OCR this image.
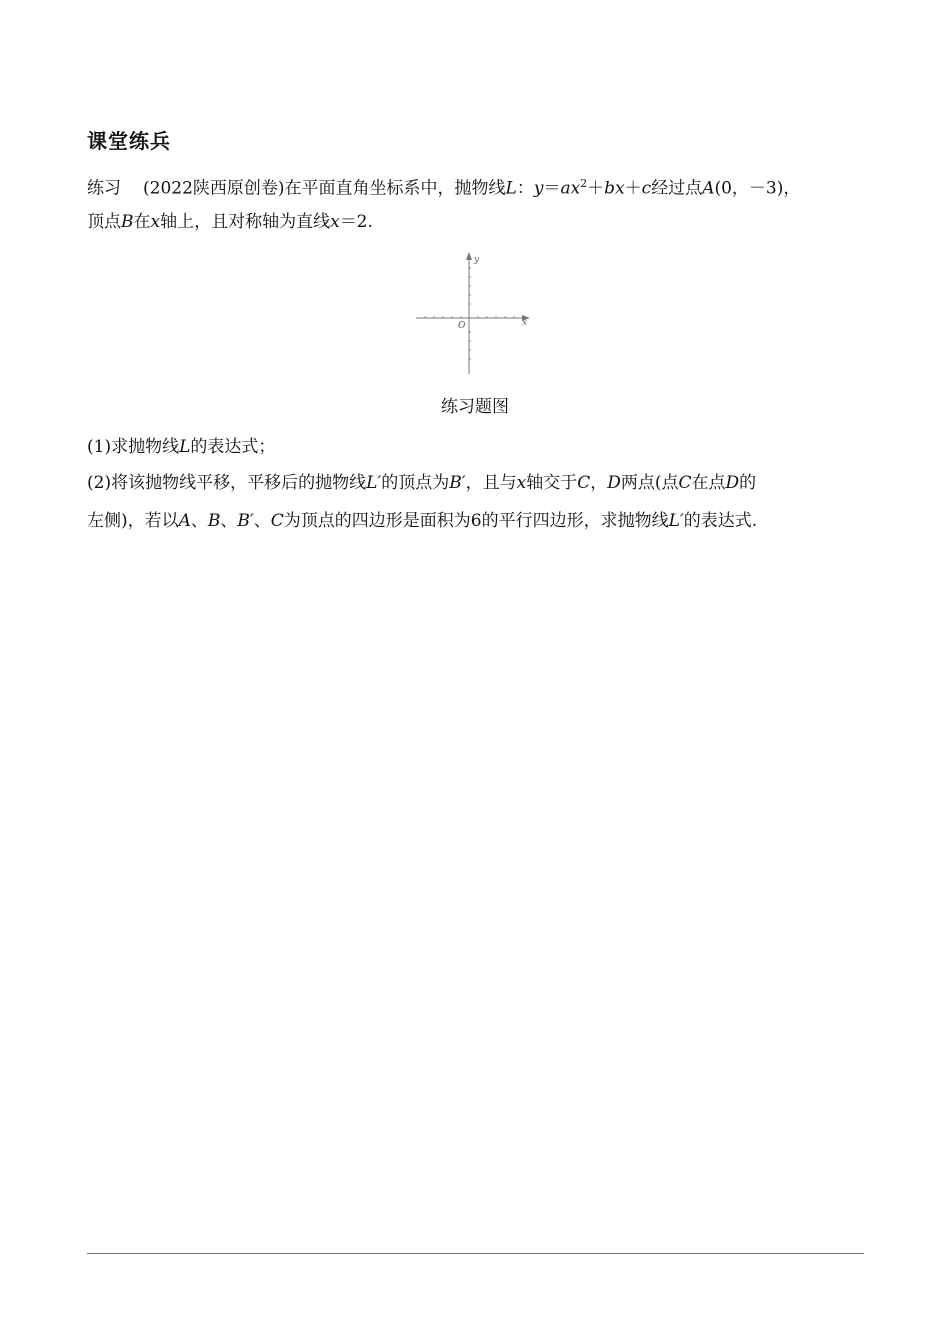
课堂练兵
练习 (2022陕西原创卷)在平面直角坐标系中，抛物线L：$y=ax^2+bx+c$经过点A(0，－3)，
顶点B在x轴上，且对称轴为直线x＝2.
y
x
O
练习题图
(1)求抛物线L的表达式；
(2)将该抛物线平移，平移后的抛物线L′的顶点为B′，且与x轴交于C，D两点(点C在点D的
左侧)，若以A、B、B′、C为顶点的四边形是面积为6的平行四边形，求抛物线L′的表达式.
